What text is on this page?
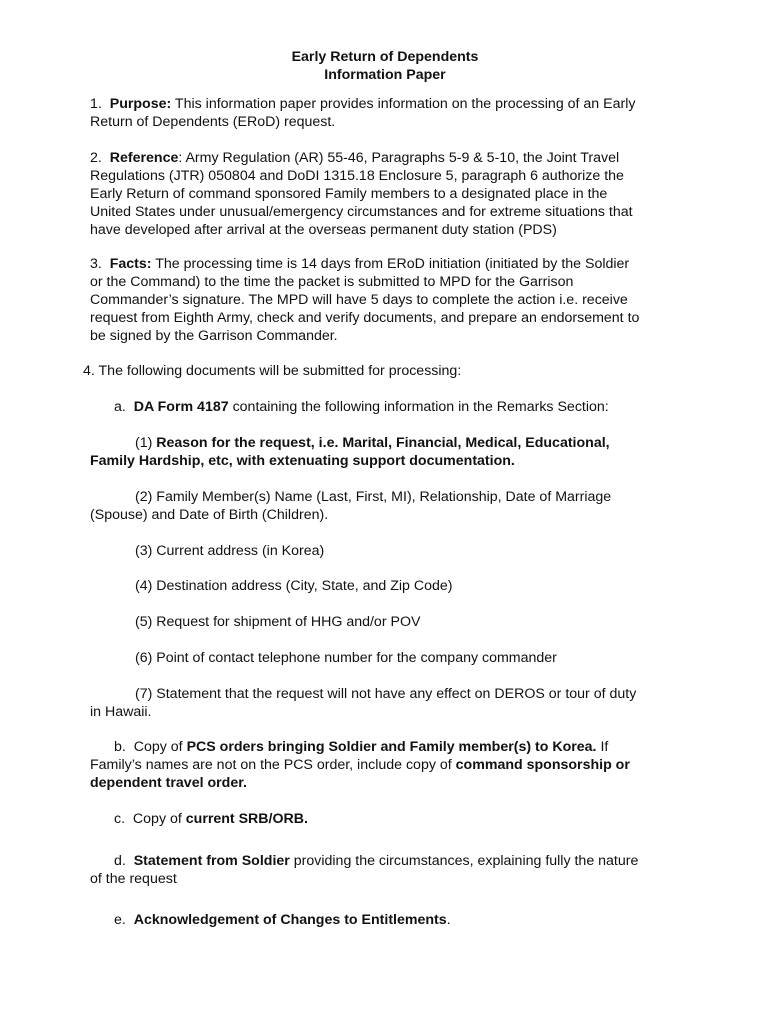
Early Return of Dependents
Information Paper

1. Purpose: This information paper provides information on the processing of an Early
Return of Dependents (ERoD) request.

2. Reference: Army Regulation (AR) 55-46, Paragraphs 5-9 & 5-10, the Joint Travel
Regulations (JTR) 050804 and DoDI 1315.18 Enclosure 5, paragraph 6 authorize the
Early Return of command sponsored Family members to a designated place in the
United States under unusual/emergency circumstances and for extreme situations that
have developed after arrival at the overseas permanent duty station (PDS)

3. Facts: The processing time is 14 days from ERoD initiation (initiated by the Soldier
or the Command) to the time the packet is submitted to MPD for the Garrison
Commander’s signature. The MPD will have 5 days to complete the action i.e. receive
request from Eighth Army, check and verify documents, and prepare an endorsement to
be signed by the Garrison Commander.

4. The following documents will be submitted for processing:

a. DA Form 4187 containing the following information in the Remarks Section:

(1) Reason for the request, i.e. Marital, Financial, Medical, Educational,

Family Hardship, etc, with extenuating support documentation.

(2) Family Member(s) Name (Last, First, MI), Relationship, Date of Marriage

(Spouse) and Date of Birth (Children).

(3) Current address (in Korea)

(4) Destination address (City, State, and Zip Code)

(5) Request for shipment of HHG and/or POV

(6) Point of contact telephone number for the company commander

(7) Statement that the request will not have any effect on DEROS or tour of duty

in Hawaii.

b.  Copy of PCS orders bringing Soldier and Family member(s) to Korea. If

Family’s names are not on the PCS order, include copy of command sponsorship or

dependent travel order.

c.  Copy of current SRB/ORB.

d.  Statement from Soldier providing the circumstances, explaining fully the nature

of the request

e.  Acknowledgement of Changes to Entitlements.
